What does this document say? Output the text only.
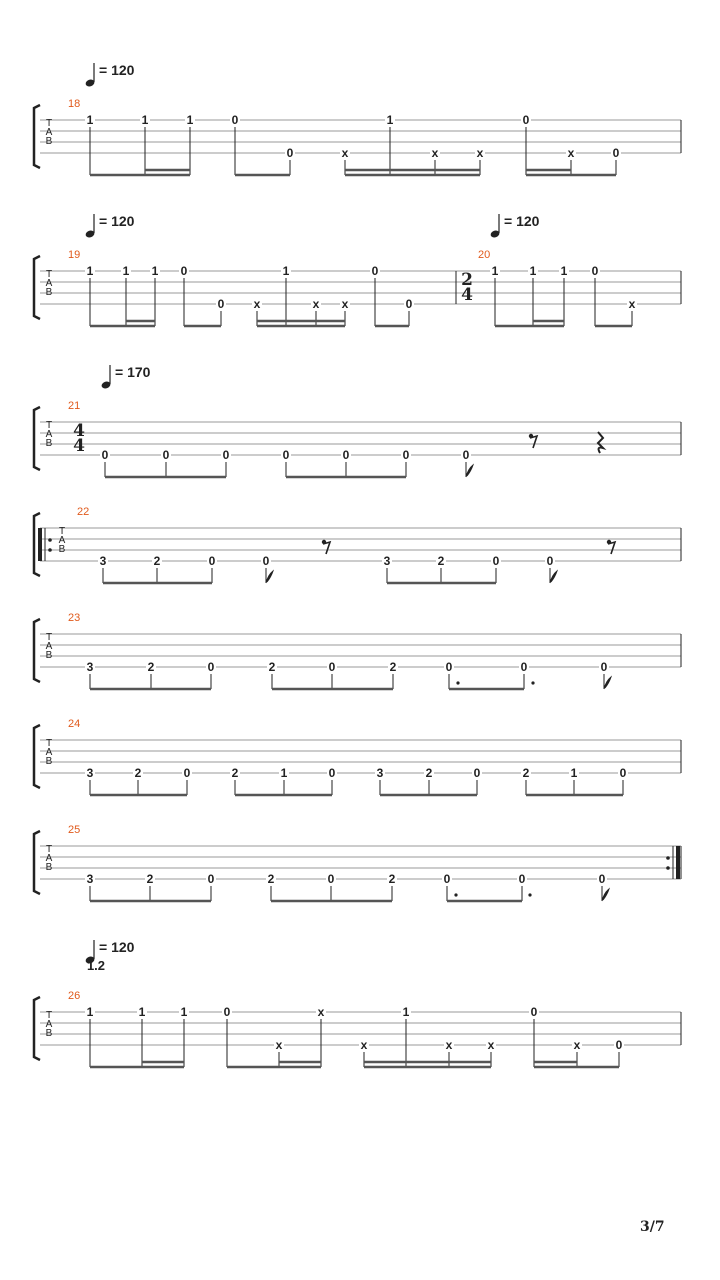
T
A
B
= 120
18
1	1	1	0
0	x
1
x	x
0
x	0
T
A
B
= 120	= 120
19
1 1 1 0
0 x
1
x x
0
0
20
2
4
1	1 1 0
x
T
A
B
= 170
21
4
4 0	0	0	0	0	0	0
T
A
B
22
3	2	0	0	3	2	0	0
T
A
B
23
3	2	0	2	0	2	0	0	0
T
A
B
24
3	2	0	2	1	0	3	2	0	2	1	0
T
A
B
25
3	2	0	2	0	2	0	0	0
T
A
B
= 120
1.2
26
1	1	1	0
x
x
x
1
x	x
0
x	0
3/7
